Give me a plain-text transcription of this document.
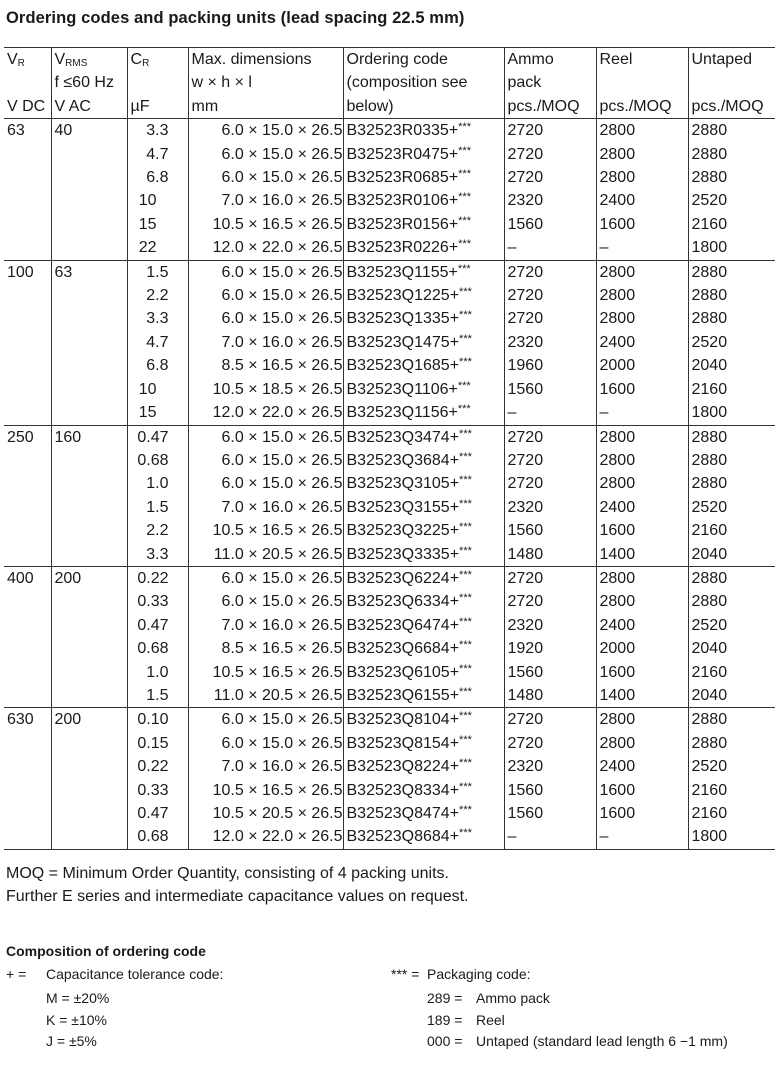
Ordering codes and packing units (lead spacing 22.5 mm)
$V_R$	$V_{RMS}$	$C_R$	Max. dimensions	Ordering code	Ammo	Reel	Untaped
	f ≤60 Hz		w × h × l	(composition see	pack		
V DC	V AC	µF	mm	below)	pcs./MOQ	pcs./MOQ	pcs./MOQ
63	40	3.3	6.0 × 15.0 × 26.5	B32523R0335+***	2720	2800	2880
		4.7	6.0 × 15.0 × 26.5	B32523R0475+***	2720	2800	2880
		6.8	6.0 × 15.0 × 26.5	B32523R0685+***	2720	2800	2880
		10	7.0 × 16.0 × 26.5	B32523R0106+***	2320	2400	2520
		15	10.5 × 16.5 × 26.5	B32523R0156+***	1560	1600	2160
		22	12.0 × 22.0 × 26.5	B32523R0226+***	–	–	1800
100	63	1.5	6.0 × 15.0 × 26.5	B32523Q1155+***	2720	2800	2880
		2.2	6.0 × 15.0 × 26.5	B32523Q1225+***	2720	2800	2880
		3.3	6.0 × 15.0 × 26.5	B32523Q1335+***	2720	2800	2880
		4.7	7.0 × 16.0 × 26.5	B32523Q1475+***	2320	2400	2520
		6.8	8.5 × 16.5 × 26.5	B32523Q1685+***	1960	2000	2040
		10	10.5 × 18.5 × 26.5	B32523Q1106+***	1560	1600	2160
		15	12.0 × 22.0 × 26.5	B32523Q1156+***	–	–	1800
250	160	0.47	6.0 × 15.0 × 26.5	B32523Q3474+***	2720	2800	2880
		0.68	6.0 × 15.0 × 26.5	B32523Q3684+***	2720	2800	2880
		1.0	6.0 × 15.0 × 26.5	B32523Q3105+***	2720	2800	2880
		1.5	7.0 × 16.0 × 26.5	B32523Q3155+***	2320	2400	2520
		2.2	10.5 × 16.5 × 26.5	B32523Q3225+***	1560	1600	2160
		3.3	11.0 × 20.5 × 26.5	B32523Q3335+***	1480	1400	2040
400	200	0.22	6.0 × 15.0 × 26.5	B32523Q6224+***	2720	2800	2880
		0.33	6.0 × 15.0 × 26.5	B32523Q6334+***	2720	2800	2880
		0.47	7.0 × 16.0 × 26.5	B32523Q6474+***	2320	2400	2520
		0.68	8.5 × 16.5 × 26.5	B32523Q6684+***	1920	2000	2040
		1.0	10.5 × 16.5 × 26.5	B32523Q6105+***	1560	1600	2160
		1.5	11.0 × 20.5 × 26.5	B32523Q6155+***	1480	1400	2040
630	200	0.10	6.0 × 15.0 × 26.5	B32523Q8104+***	2720	2800	2880
		0.15	6.0 × 15.0 × 26.5	B32523Q8154+***	2720	2800	2880
		0.22	7.0 × 16.0 × 26.5	B32523Q8224+***	2320	2400	2520
		0.33	10.5 × 16.5 × 26.5	B32523Q8334+***	1560	1600	2160
		0.47	10.5 × 20.5 × 26.5	B32523Q8474+***	1560	1600	2160
		0.68	12.0 × 22.0 × 26.5	B32523Q8684+***	–	–	1800
MOQ = Minimum Order Quantity, consisting of 4 packing units.
Further E series and intermediate capacitance values on request.
Composition of ordering code
+ = Capacitance tolerance code:
M = ±20%
K = ±10%
J = ±5%
*** = Packaging code:
289 = Ammo pack
189 = Reel
000 = Untaped (standard lead length 6 −1 mm)
